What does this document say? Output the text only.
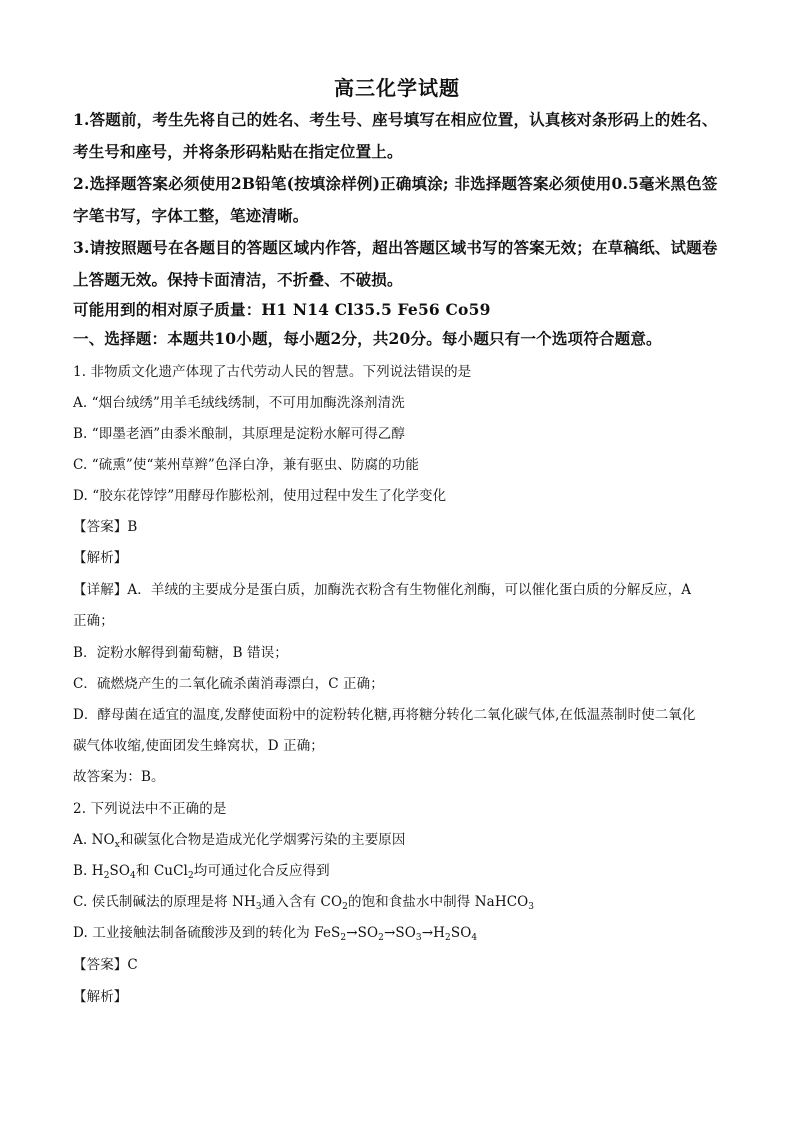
高三化学试题
1.答题前，考生先将自己的姓名、考生号、座号填写在相应位置，认真核对条形码上的姓名、
考生号和座号，并将条形码粘贴在指定位置上。
2.选择题答案必须使用2B铅笔(按填涂样例)正确填涂; 非选择题答案必须使用0.5毫米黑色签
字笔书写，字体工整，笔迹清晰。
3.请按照题号在各题目的答题区域内作答，超出答题区域书写的答案无效；在草稿纸、试题卷
上答题无效。保持卡面清洁，不折叠、不破损。
可能用到的相对原子质量：H1 N14 Cl35.5 Fe56 Co59
一、选择题：本题共10小题，每小题2分，共20分。每小题只有一个选项符合题意。
1. 非物质文化遗产体现了古代劳动人民的智慧。下列说法错误的是
A. “烟台绒绣”用羊毛绒线绣制，不可用加酶洗涤剂清洗
B. “即墨老酒”由黍米酿制，其原理是淀粉水解可得乙醇
C. “硫熏”使“莱州草辫”色泽白净，兼有驱虫、防腐的功能
D. “胶东花饽饽”用酵母作膨松剂，使用过程中发生了化学变化
【答案】B
【解析】
【详解】A．羊绒的主要成分是蛋白质，加酶洗衣粉含有生物催化剂酶，可以催化蛋白质的分解反应，A
正确；
B．淀粉水解得到葡萄糖，B 错误；
C．硫燃烧产生的二氧化硫杀菌消毒漂白，C 正确；
D．酵母菌在适宜的温度,发酵使面粉中的淀粉转化糖,再将糖分转化二氧化碳气体,在低温蒸制时使二氧化
碳气体收缩,使面团发生蜂窝状，D 正确；
故答案为：B。
2. 下列说法中不正确的是
A. $NO_x$和碳氢化合物是造成光化学烟雾污染的主要原因
B. $H_2SO_4$和 CuCl$_2$均可通过化合反应得到
C. 侯氏制碱法的原理是将 $NH_3$通入含有 $CO_2$的饱和食盐水中制得 NaHCO$_3$
D. 工业接触法制备硫酸涉及到的转化为 $FeS_2\to SO_2\to SO_3\to H_2SO_4$
【答案】C
【解析】
